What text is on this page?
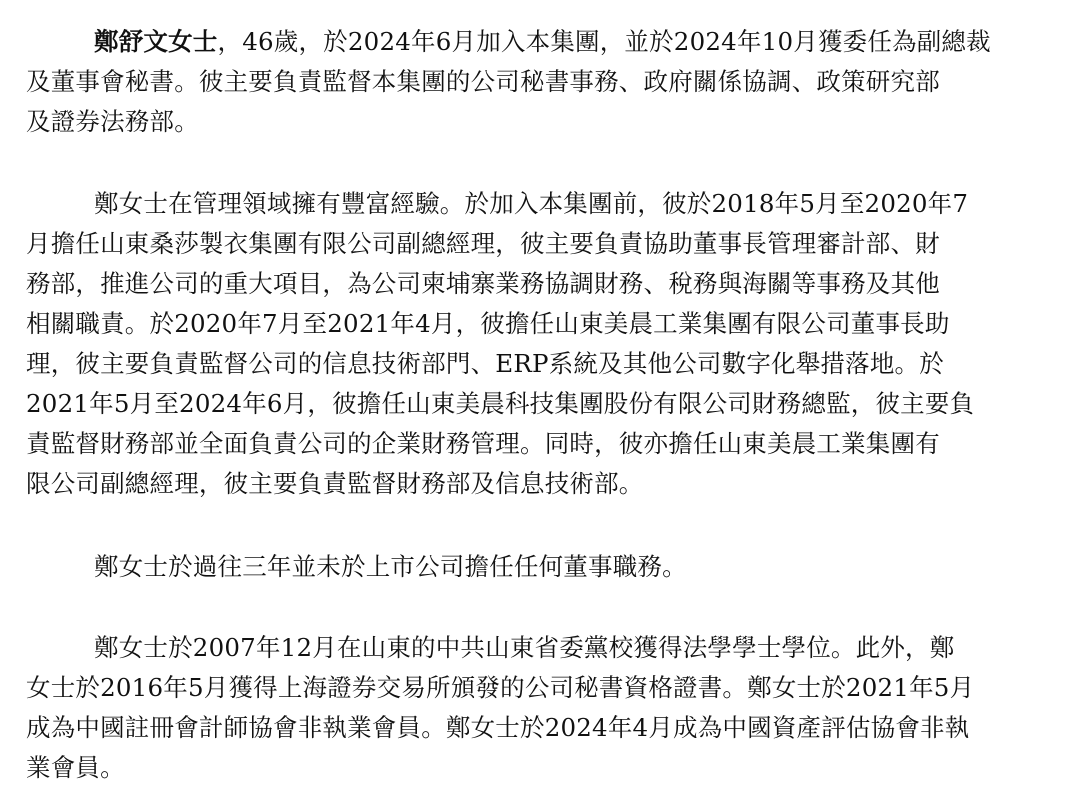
鄭舒文女士，46歲，於2024年6月加入本集團，並於2024年10月獲委任為副總裁
及董事會秘書。彼主要負責監督本集團的公司秘書事務、政府關係協調、政策研究部
及證券法務部。
鄭女士在管理領域擁有豐富經驗。於加入本集團前，彼於2018年5月至2020年7
月擔任山東桑莎製衣集團有限公司副總經理，彼主要負責協助董事長管理審計部、財
務部，推進公司的重大項目，為公司柬埔寨業務協調財務、稅務與海關等事務及其他
相關職責。於2020年7月至2021年4月，彼擔任山東美晨工業集團有限公司董事長助
理，彼主要負責監督公司的信息技術部門、ERP系統及其他公司數字化舉措落地。於
2021年5月至2024年6月，彼擔任山東美晨科技集團股份有限公司財務總監，彼主要負
責監督財務部並全面負責公司的企業財務管理。同時，彼亦擔任山東美晨工業集團有
限公司副總經理，彼主要負責監督財務部及信息技術部。
鄭女士於過往三年並未於上市公司擔任任何董事職務。
鄭女士於2007年12月在山東的中共山東省委黨校獲得法學學士學位。此外，鄭
女士於2016年5月獲得上海證券交易所頒發的公司秘書資格證書。鄭女士於2021年5月
成為中國註冊會計師協會非執業會員。鄭女士於2024年4月成為中國資產評估協會非執
業會員。
